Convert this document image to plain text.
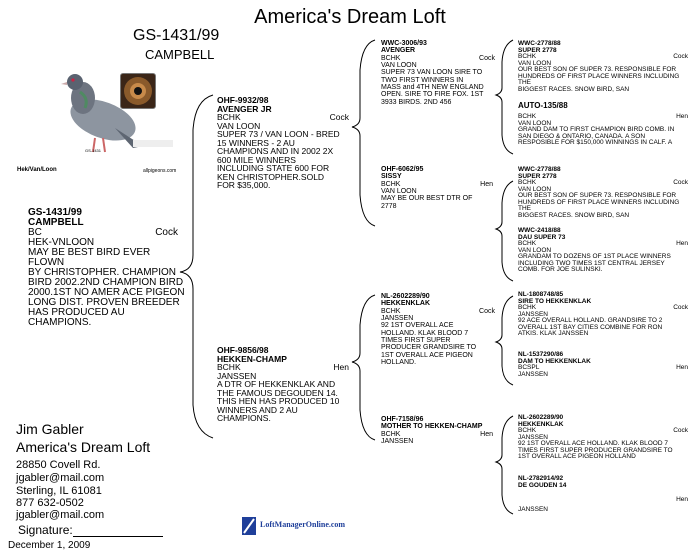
America's Dream Loft
GS-1431/99
CAMPBELL
Hek/Van/Loon
GS-1431
allpigeons.com
GS-1431/99
CAMPBELL
BC	Cock
HEK-VNLOON
MAY BE BEST BIRD EVER FLOWN
BY CHRISTOPHER. CHAMPION
BIRD 2002.2ND CHAMPION BIRD
2000.1ST NO AMER ACE PIGEON
LONG DIST. PROVEN BREEDER
HAS PRODUCED AU
CHAMPIONS.
OHF-9932/98
AVENGER JR
BCHK	Cock
VAN LOON
SUPER 73 / VAN LOON - BRED
15 WINNERS - 2 AU
CHAMPIONS AND IN 2002 2X
600 MILE WINNERS
INCLUDING STATE 600 FOR
KEN CHRISTOPHER.SOLD
FOR $35,000.
OHF-9856/98
HEKKEN-CHAMP
BCHK	Hen
JANSSEN
A DTR OF HEKKENKLAK AND
THE FAMOUS DEGOUDEN 14.
THIS HEN HAS PRODUCED 10
WINNERS AND 2 AU
CHAMPIONS.
WWC-3006/93
AVENGER
BCHK	Cock
VAN LOON
SUPER 73 VAN LOON SIRE TO
TWO FIRST WINNERS IN
MASS and 4TH NEW ENGLAND
OPEN. SIRE TO FIRE FOX. 1ST
3933 BIRDS. 2ND 456
OHF-6062/95
SISSY
BCHK	Hen
VAN LOON
MAY BE OUR BEST DTR OF
2778
NL-2602289/90
HEKKENKLAK
BCHK	Cock
JANSSEN
92 1ST OVERALL ACE
HOLLAND. KLAK BLOOD 7
TIMES FIRST SUPER
PRODUCER GRANDSIRE TO
1ST OVERALL ACE PIGEON
HOLLAND.
OHF-7158/96
MOTHER TO HEKKEN-CHAMP
BCHK	Hen
JANSSEN
WWC-2778/88
SUPER 2778
BCHK	Cock
VAN LOON
OUR BEST SON OF SUPER 73. RESPONSIBLE FOR
HUNDREDS OF FIRST PLACE WINNERS INCLUDING
THE
BIGGEST RACES. SNOW BIRD, SAN
AUTO-135/88
BCHK	Hen
VAN LOON
GRAND DAM TO FIRST CHAMPION BIRD COMB. IN
SAN DIEGO & ONTARIO, CANADA. A SON
RESPOSIBLE FOR $150,000 WINNINGS IN CALF. A
WWC-2778/88
SUPER 2778
BCHK	Cock
VAN LOON
OUR BEST SON OF SUPER 73. RESPONSIBLE FOR
HUNDREDS OF FIRST PLACE WINNERS INCLUDING
THE
BIGGEST RACES. SNOW BIRD, SAN
WWC-2418/88
DAU SUPER 73
BCHK	Hen
VAN LOON
GRANDAM TO DOZENS OF 1ST PLACE WINNERS
INCLUDING TWO TIMES 1ST CENTRAL JERSEY
COMB. FOR JOE SULINSKI.
NL-1808748/85
SIRE TO HEKKENKLAK
BCHK	Cock
JANSSEN
92 ACE OVERALL HOLLAND. GRANDSIRE TO 2
OVERALL 1ST BAY CITIES COMBINE FOR RON
ATKIS. KLAK JANSSEN
NL-1537290/86
DAM TO HEKKENKLAK
BCSPL	Hen
JANSSEN
NL-2602289/90
HEKKENKLAK
BCHK	Cock
JANSSEN
92 1ST OVERALL ACE HOLLAND. KLAK BLOOD 7
TIMES FIRST SUPER PRODUCER GRANDSIRE TO
1ST OVERALL ACE PIGEON HOLLAND
NL-2782914/92
DE GOUDEN 14
Hen
JANSSEN
Jim Gabler
America's Dream Loft
28850 Covell Rd.
jgabler@mail.com
Sterling, IL 61081
877 632-0502
jgabler@mail.com
Signature:
December 1, 2009
LoftManagerOnline.com
